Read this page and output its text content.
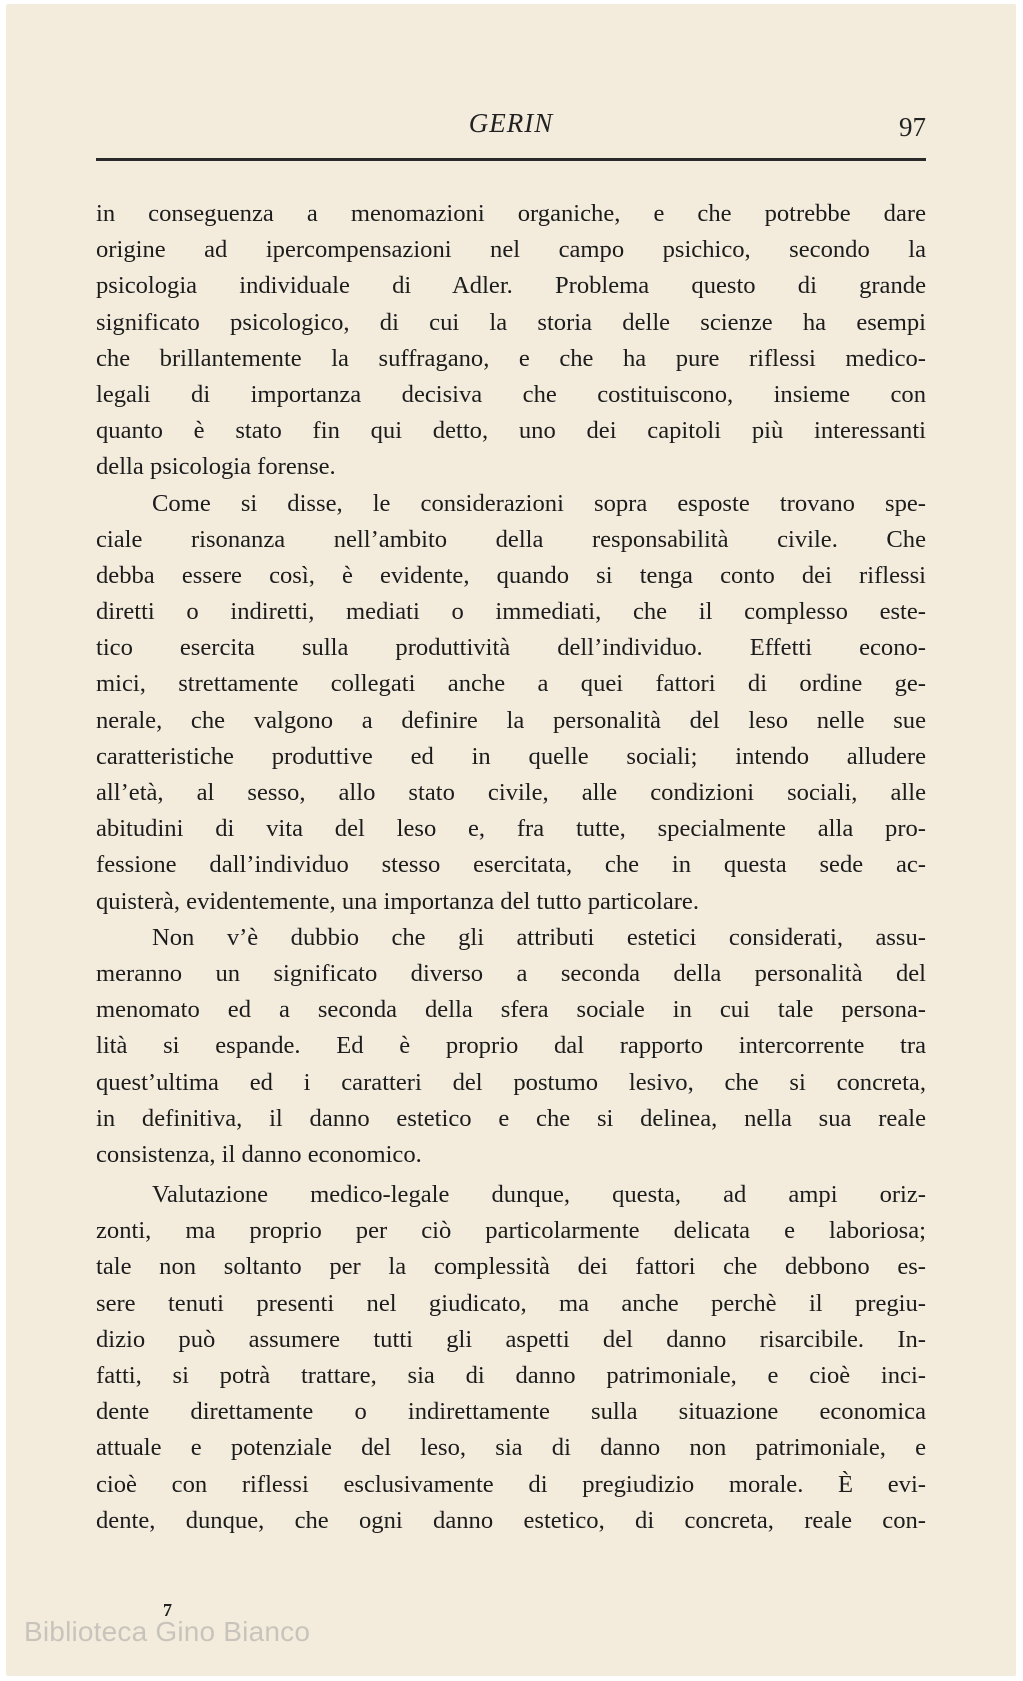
GERIN	97
in conseguenza a menomazioni organiche, e che potrebbe dare
origine ad ipercompensazioni nel campo psichico, secondo la
psicologia individuale di Adler. Problema questo di grande
significato psicologico, di cui la storia delle scienze ha esempi
che brillantemente la suffragano, e che ha pure riflessi medico-
legali di importanza decisiva che costituiscono, insieme con
quanto è stato fin qui detto, uno dei capitoli più interessanti
della psicologia forense.
Come si disse, le considerazioni sopra esposte trovano spe-
ciale risonanza nell’ambito della responsabilità civile. Che
debba essere così, è evidente, quando si tenga conto dei riflessi
diretti o indiretti, mediati o immediati, che il complesso este-
tico esercita sulla produttività dell’individuo. Effetti econo-
mici, strettamente collegati anche a quei fattori di ordine ge-
nerale, che valgono a definire la personalità del leso nelle sue
caratteristiche produttive ed in quelle sociali; intendo alludere
all’età, al sesso, allo stato civile, alle condizioni sociali, alle
abitudini di vita del leso e, fra tutte, specialmente alla pro-
fessione dall’individuo stesso esercitata, che in questa sede ac-
quisterà, evidentemente, una importanza del tutto particolare.
Non v’è dubbio che gli attributi estetici considerati, assu-
meranno un significato diverso a seconda della personalità del
menomato ed a seconda della sfera sociale in cui tale persona-
lità si espande. Ed è proprio dal rapporto intercorrente tra
quest’ultima ed i caratteri del postumo lesivo, che si concreta,
in definitiva, il danno estetico e che si delinea, nella sua reale
consistenza, il danno economico.
Valutazione medico-legale dunque, questa, ad ampi oriz-
zonti, ma proprio per ciò particolarmente delicata e laboriosa;
tale non soltanto per la complessità dei fattori che debbono es-
sere tenuti presenti nel giudicato, ma anche perchè il pregiu-
dizio può assumere tutti gli aspetti del danno risarcibile. In-
fatti, si potrà trattare, sia di danno patrimoniale, e cioè inci-
dente direttamente o indirettamente sulla situazione economica
attuale e potenziale del leso, sia di danno non patrimoniale, e
cioè con riflessi esclusivamente di pregiudizio morale. È evi-
dente, dunque, che ogni danno estetico, di concreta, reale con-
7
Biblioteca Gino Bianco
